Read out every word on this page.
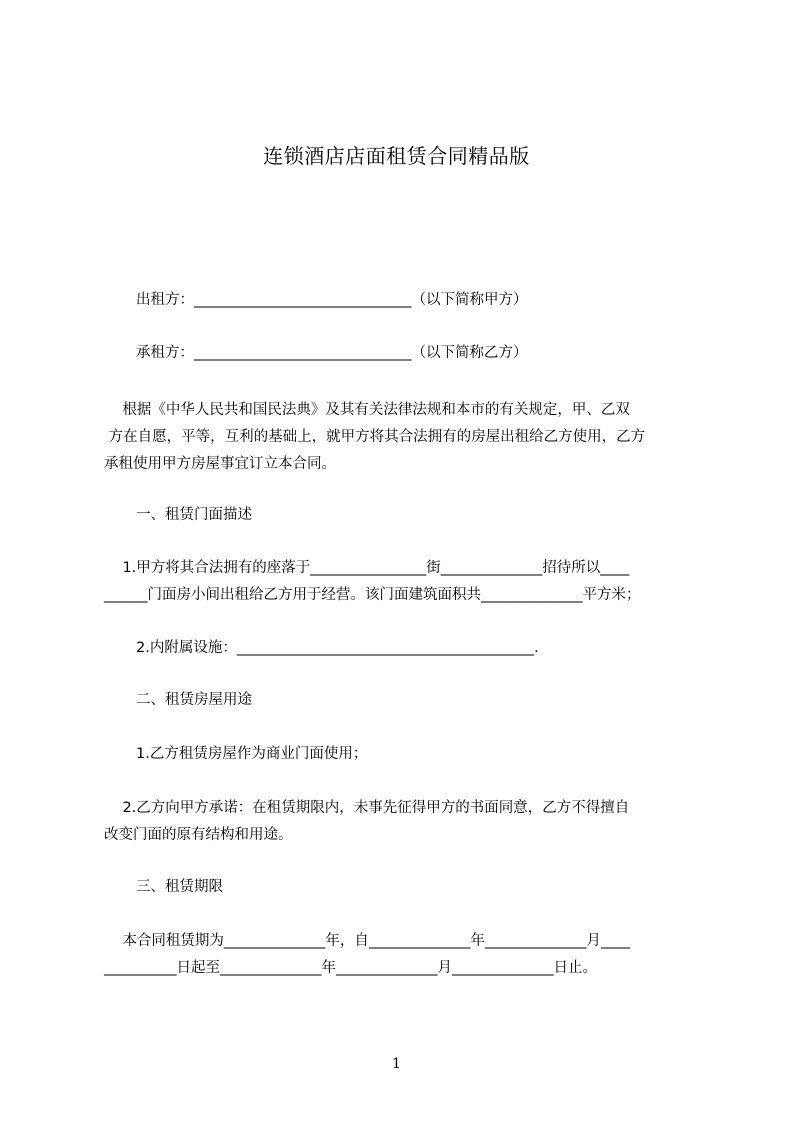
连锁酒店店面租赁合同精品版
出租方：______________________________（以下简称甲方）
承租方：______________________________（以下简称乙方）
根据《中华人民共和国民法典》及其有关法律法规和本市的有关规定，甲、乙双
方在自愿，平等，互利的基础上，就甲方将其合法拥有的房屋出租给乙方使用，乙方
承租使用甲方房屋事宜订立本合同。
一、租赁门面描述
1.甲方将其合法拥有的座落于________________街______________招待所以____
______门面房小间出租给乙方用于经营。该门面建筑面积共______________平方米；
2.内附属设施：_________________________________________.
二、租赁房屋用途
1.乙方租赁房屋作为商业门面使用；
2.乙方向甲方承诺：在租赁期限内，未事先征得甲方的书面同意，乙方不得擅自
改变门面的原有结构和用途。
三、租赁期限
本合同租赁期为______________年，自______________年______________月____
__________日起至______________年______________月______________日止。
1
